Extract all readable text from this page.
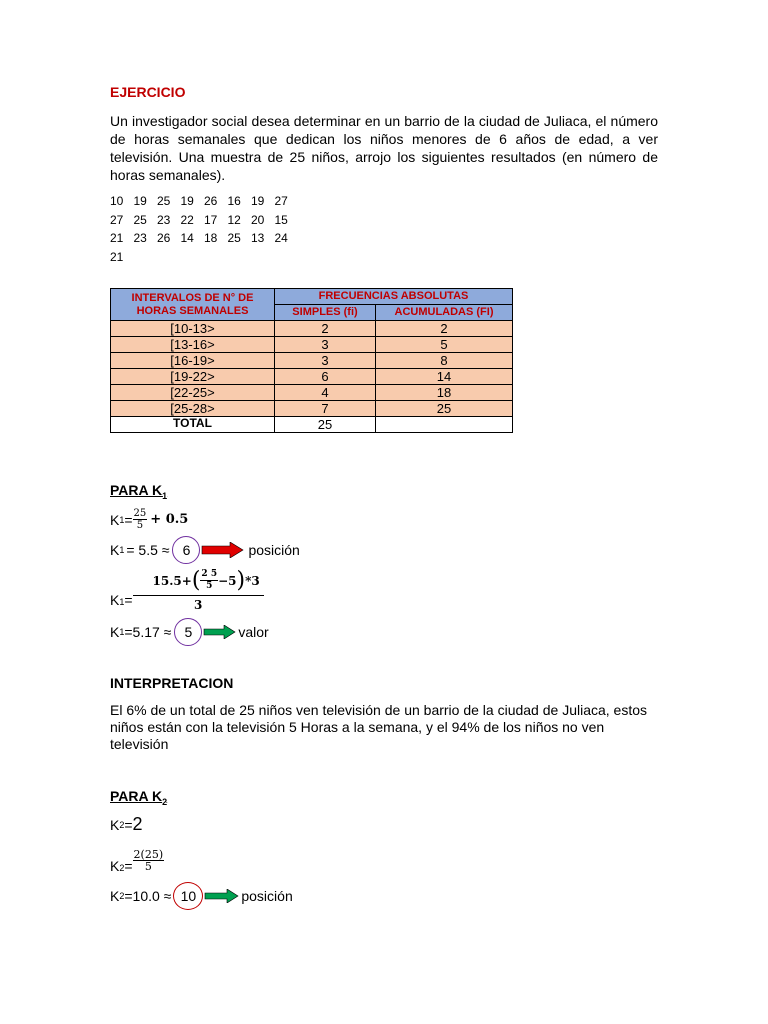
EJERCICIO
Un investigador social desea determinar en un barrio de la ciudad de Juliaca, el número de horas semanales que dedican los niños menores de 6 años de edad, a ver televisión. Una muestra de 25 niños, arrojo los siguientes resultados (en número de horas semanales).
10 19 25 19 26 16 19 27
27 25 23 22 17 12 20 15
21 23 26 14 18 25 13 24
21
INTERVALOS DE N° DE HORAS SEMANALES	FRECUENCIAS ABSOLUTAS	
	SIMPLES (fi)	ACUMULADAS (FI)
[10-13>	2	2
[13-16>	3	5
[16-19>	3	8
[19-22>	6	14
[22-25>	4	18
[25-28>	7	25
TOTAL	25	
PARA $K_1$
K $1 = \frac{25}{5} + 0.5$
K 1 = 5.5 ≈ 6	posición
K $1 = \frac{15.5+ ( \frac{2 5}{5} -5 ) *3}{3}$
K 1 =5.17 ≈ 5	valor
INTERPRETACION
El 6% de un total de 25 niños ven televisión de un barrio de la ciudad de Juliaca, estos niños están con la televisión 5 Horas a la semana, y el 94% de los niños no ven televisión
PARA $K_2$
K 2 = 2
K $2 = \frac{2(25)}{5}$
K 2 =10.0 ≈ 10	posición
